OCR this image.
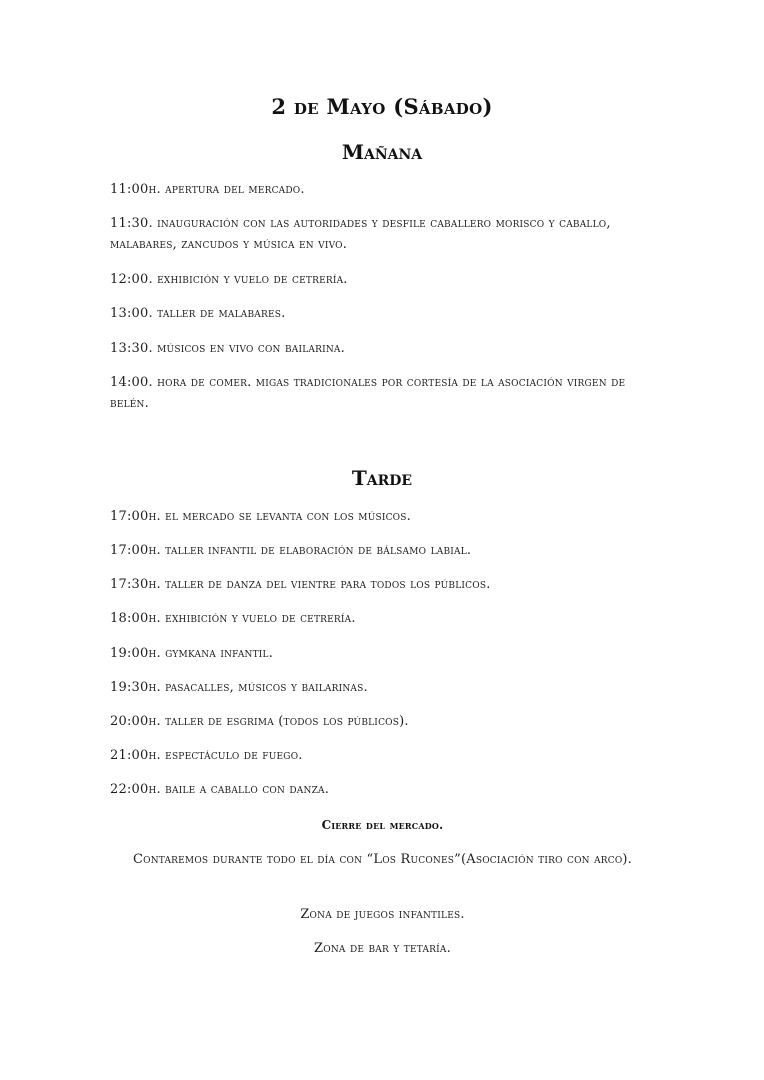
2 de Mayo (Sábado)
Mañana
11:00h. apertura del mercado.
11:30. inauguración con las autoridades y desfile caballero morisco y caballo, malabares, zancudos y música en vivo.
12:00. exhibición y vuelo de cetrería.
13:00. taller de malabares.
13:30. músicos en vivo con bailarina.
14:00. hora de comer. migas tradicionales por cortesía de la asociación virgen de belén.
Tarde
17:00h. el mercado se levanta con los músicos.
17:00h. taller infantil de elaboración de bálsamo labial.
17:30h. taller de danza del vientre para todos los públicos.
18:00h. exhibición y vuelo de cetrería.
19:00h. gymkana infantil.
19:30h. pasacalles, músicos y bailarinas.
20:00h. taller de esgrima (todos los públicos).
21:00h. espectáculo de fuego.
22:00h. baile a caballo con danza.
Cierre del mercado.
Contaremos durante todo el día con “Los Rucones”(Asociación tiro con arco).
Zona de juegos infantiles.
Zona de bar y tetaría.
